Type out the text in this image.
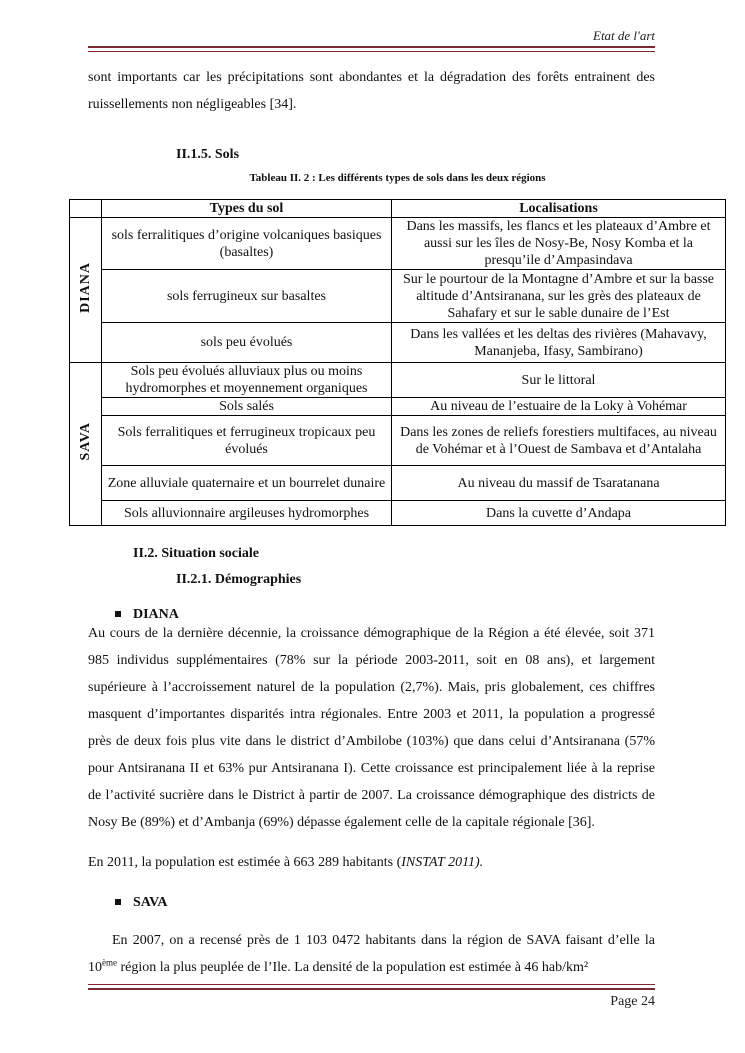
Etat de l'art
sont importants car les précipitations sont abondantes et la dégradation des forêts entrainent des ruissellements non négligeables [34].
II.1.5. Sols
Tableau II. 2 : Les différents types de sols dans les deux régions
	Types du sol	Localisations
DIANA	sols ferralitiques d’origine volcaniques basiques (basaltes)	Dans les massifs, les flancs et les plateaux d’Ambre et aussi sur les îles de Nosy-Be, Nosy Komba et la presqu’ile d’Ampasindava
	sols ferrugineux sur basaltes	Sur le pourtour de la Montagne d’Ambre et sur la basse altitude d’Antsiranana, sur les grès des plateaux de Sahafary et sur le sable dunaire de l’Est
	sols peu évolués	Dans les vallées et les deltas des rivières (Mahavavy, Mananjeba, Ifasy, Sambirano)
SAVA	Sols peu évolués alluviaux plus ou moins hydromorphes et moyennement organiques	Sur le littoral
	Sols salés	Au niveau de l’estuaire de la Loky à Vohémar
	Sols ferralitiques et ferrugineux tropicaux peu évolués	Dans les zones de reliefs forestiers multifaces, au niveau de Vohémar et à l’Ouest de Sambava et d’Antalaha
	Zone alluviale quaternaire et un bourrelet dunaire	Au niveau du massif de Tsaratanana
	Sols alluvionnaire argileuses hydromorphes	Dans la cuvette d’Andapa
II.2. Situation sociale
II.2.1. Démographies
DIANA
Au cours de la dernière décennie, la croissance démographique de la Région a été élevée, soit 371 985 individus supplémentaires (78% sur la période 2003-2011, soit en 08 ans), et largement supérieure à l’accroissement naturel de la population (2,7%). Mais, pris globalement, ces chiffres masquent d’importantes disparités intra régionales. Entre 2003 et 2011, la population a progressé près de deux fois plus vite dans le district d’Ambilobe (103%) que dans celui d’Antsiranana (57% pour Antsiranana II et 63% pur Antsiranana I). Cette croissance est principalement liée à la reprise de l’activité sucrière dans le District à partir de 2007. La croissance démographique des districts de Nosy Be (89%) et d’Ambanja (69%) dépasse également celle de la capitale régionale [36].
En 2011, la population est estimée à 663 289 habitants (INSTAT 2011).
SAVA
En 2007, on a recensé près de 1 103 0472 habitants dans la région de SAVA faisant d’elle la 10ème région la plus peuplée de l’Ile. La densité de la population est estimée à 46 hab/km²
Page 24
